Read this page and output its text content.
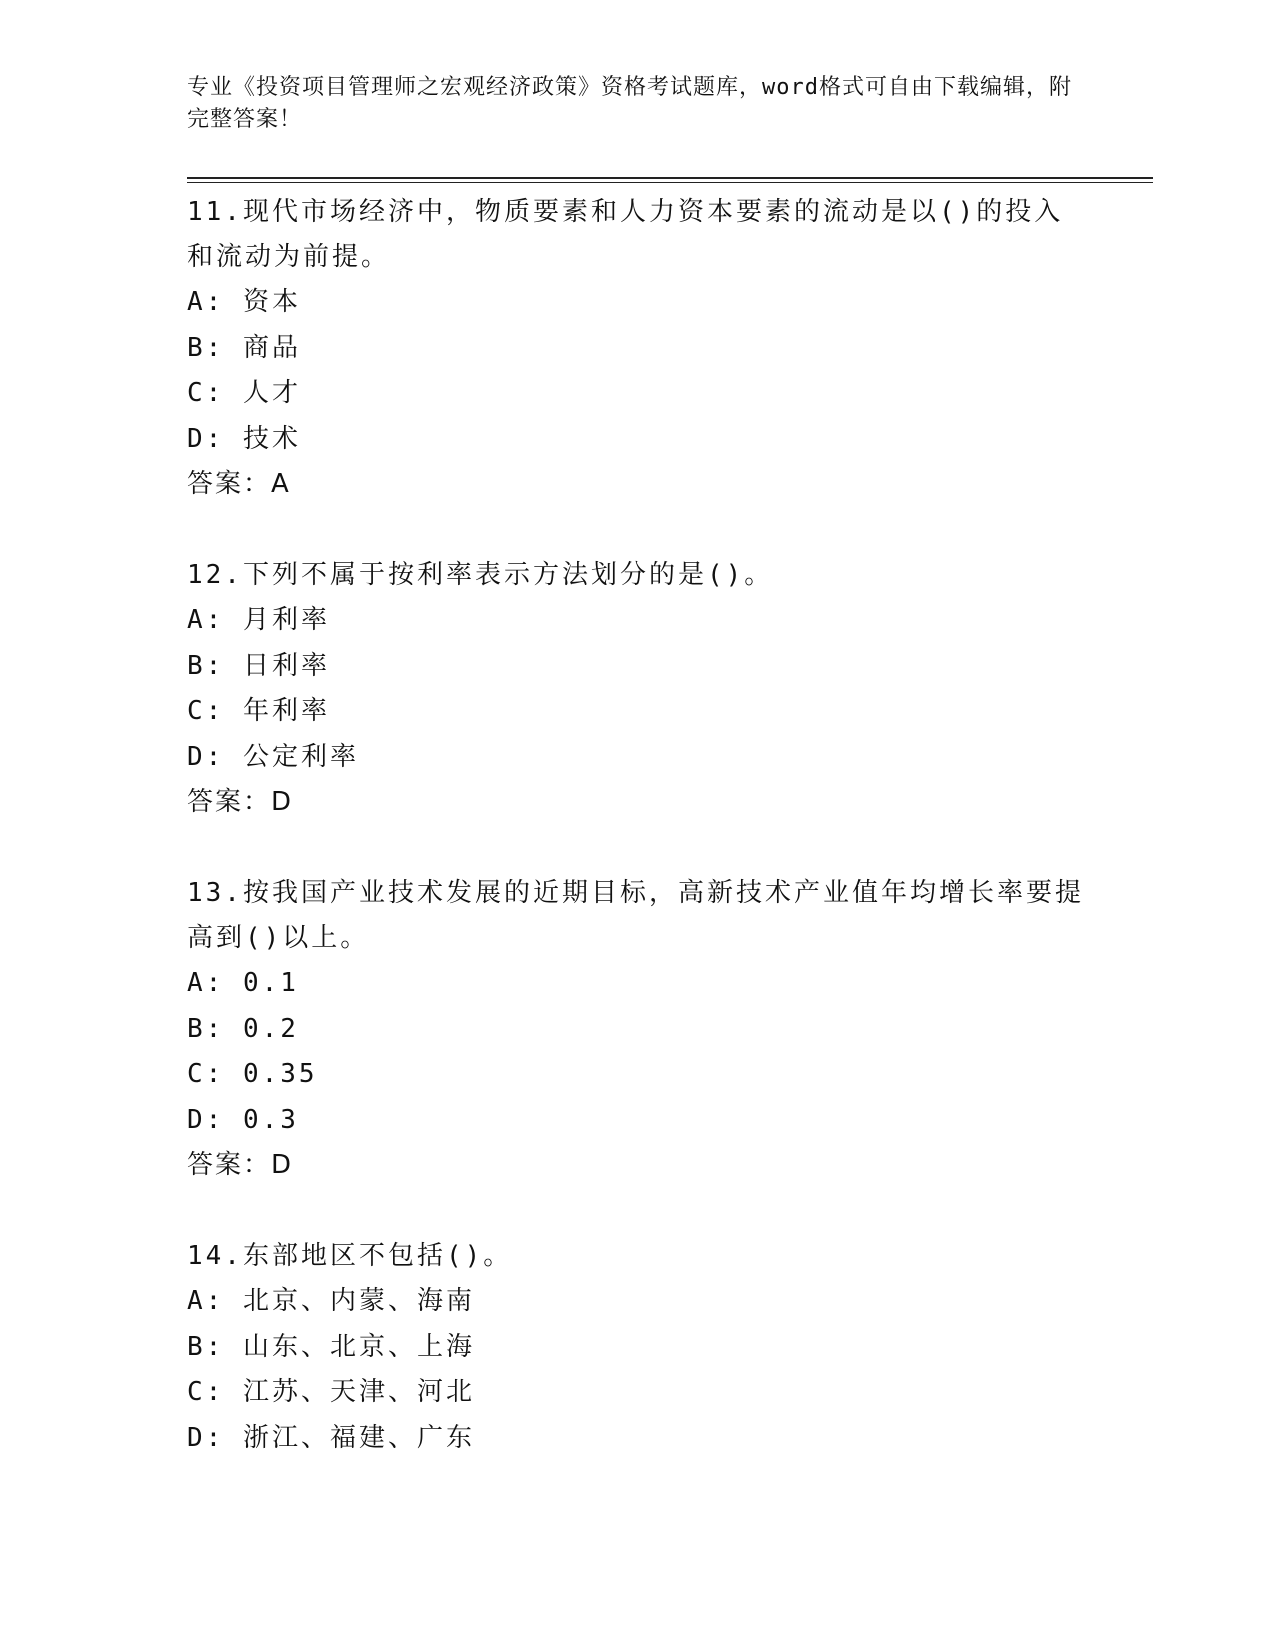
专业《投资项目管理师之宏观经济政策》资格考试题库，word格式可自由下载编辑，附完整答案！
11.现代市场经济中，物质要素和人力资本要素的流动是以()的投入和流动为前提。
A: 资本
B: 商品
C: 人才
D: 技术
答案：A
12.下列不属于按利率表示方法划分的是()。
A: 月利率
B: 日利率
C: 年利率
D: 公定利率
答案：D
13.按我国产业技术发展的近期目标，高新技术产业值年均增长率要提高到()以上。
A: 0.1
B: 0.2
C: 0.35
D: 0.3
答案：D
14.东部地区不包括()。
A: 北京、内蒙、海南
B: 山东、北京、上海
C: 江苏、天津、河北
D: 浙江、福建、广东
